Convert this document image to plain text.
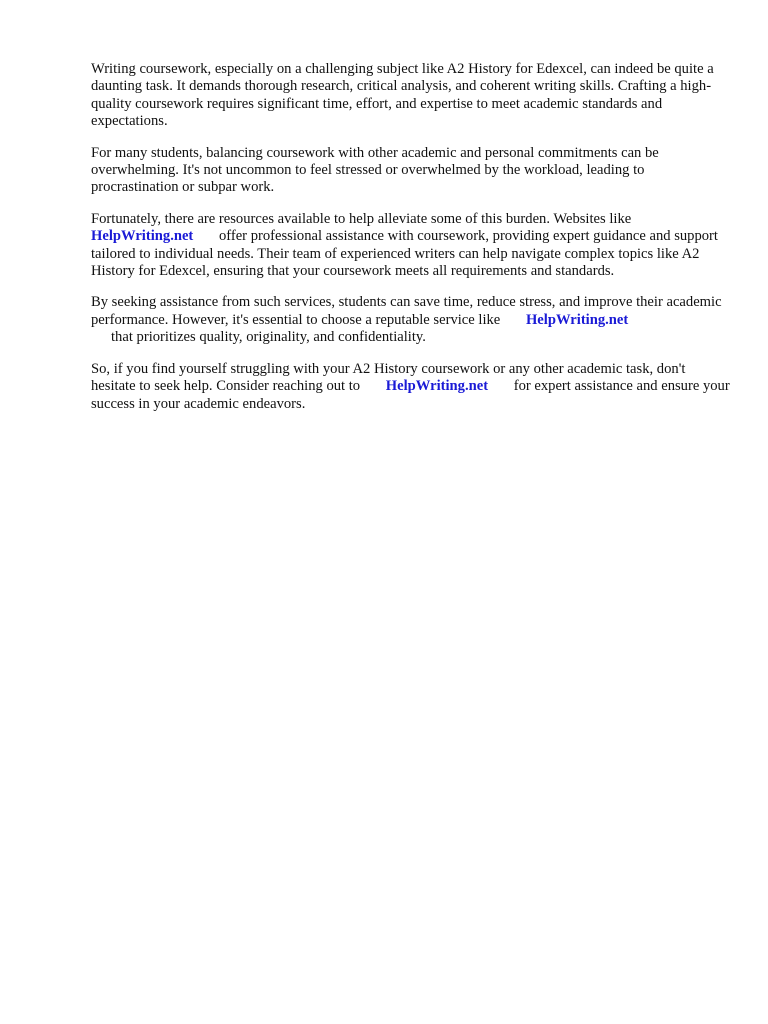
Writing coursework, especially on a challenging subject like A2 History for Edexcel, can indeed be quite a daunting task. It demands thorough research, critical analysis, and coherent writing skills. Crafting a high-quality coursework requires significant time, effort, and expertise to meet academic standards and expectations.

For many students, balancing coursework with other academic and personal commitments can be overwhelming. It's not uncommon to feel stressed or overwhelmed by the workload, leading to procrastination or subpar work.

Fortunately, there are resources available to help alleviate some of this burden. Websites like
HelpWriting.net offer professional assistance with coursework, providing expert guidance and support tailored to individual needs. Their team of experienced writers can help navigate complex topics like A2 History for Edexcel, ensuring that your coursework meets all requirements and standards.

By seeking assistance from such services, students can save time, reduce stress, and improve their academic performance. However, it's essential to choose a reputable service like HelpWriting.net
that prioritizes quality, originality, and confidentiality.

So, if you find yourself struggling with your A2 History coursework or any other academic task, don't hesitate to seek help. Consider reaching out to HelpWriting.net for expert assistance and ensure your success in your academic endeavors.
